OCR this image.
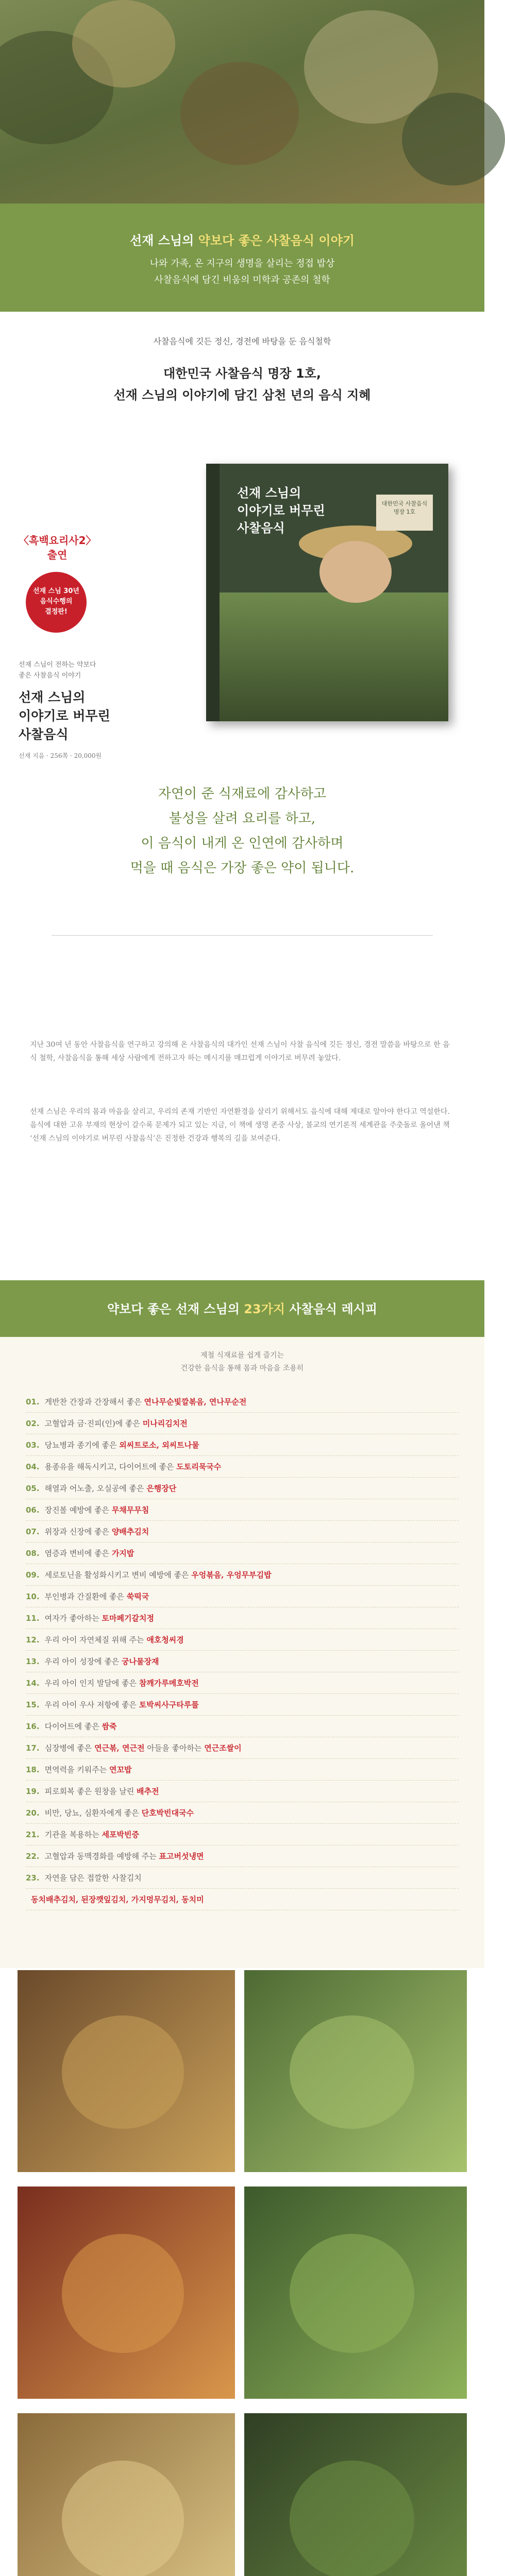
선재 스님의 약보다 좋은 사찰음식 이야기
나와 가족, 온 지구의 생명을 살리는 정접 밥상
사찰음식에 담긴 비움의 미학과 공존의 철학
사찰음식에 깃든 정신, 경전에 바탕을 둔 음식철학
대한민국 사찰음식 명장 1호,
선재 스님의 이야기에 담긴 삼천 년의 음식 지혜
〈흑백요리사2〉
출연
선재 스님 30년
음식수행의
결정판!
선재 스님이 전하는 약보다
좋은 사찰음식 이야기
선재 스님의
이야기로 버무린
사찰음식
선재 지음 · 256쪽 · 20,000원
선재 스님의
이야기로 버무린
사찰음식
대한민국 사찰음식 명장 1호

자연이 준 식재료에 감사하고

불성을 살려 요리를 하고,

이 음식이 내게 온 인연에 감사하며

먹을 때 음식은 가장 좋은 약이 됩니다.

지난 30여 년 동안 사찰음식을 연구하고 강의해 온 사찰음식의 대가인 선재 스님이 사찰 음식에 깃든 정신, 경전 말씀을 바탕으로 한 음식 철학, 사찰음식을 통해 세상 사람에게 전하고자 하는 메시지를 매끄럽게 이야기로 버무려 놓았다.
선재 스님은 우리의 몸과 마음을 살리고, 우리의 존재 기반인 자연환경을 살리기 위해서도 음식에 대해 제대로 알아야 한다고 역설한다. 음식에 대한 고유 부재의 현상이 갈수록 문제가 되고 있는 지금, 이 책에 생명 존중 사상, 불교의 연기론적 세계관을 주춧돌로 올어낸 책 ‘선재 스님의 이야기로 버무린 사찰음식’은 진정한 건강과 행복의 길을 보여준다.
약보다 좋은 선재 스님의 23가지 사찰음식 레시피
제철 식재료를 쉽게 즐기는
건강한 음식을 통해 몸과 마음을 조용히
01. 게반찬 간장과 간장해서 좋은 연나무순빛깔볶음, 연나무순전
02. 고혈압과 금·진피(인)에 좋은 미나리김치전
03. 당뇨병과 종기에 좋은 외씨트로소, 외씨트나물
04. 용종유을 해독시키고, 다이어트에 좋은 도토리묵국수
05. 해열과 어노출, 오실공에 좋은 은행장단
06. 장진볼 예방에 좋은 무채무무침
07. 위장과 신장에 좋은 양배추김치
08. 염증과 변비에 좋은 가지밥
09. 세로토닌을 활성화시키고 변비 예방에 좋은 우엉볶음, 우엉무부김밥
10. 부인병과 간질환에 좋은 쑥떡국
11. 여자가 좋아하는 토마페기갈치정
12. 우리 아이 자연체질 위해 주는 애호청씨경
13. 우리 아이 성장에 좋은 궁나물장재
14. 우리 아이 인지 발달에 좋은 참깨가루메호박전
15. 우리 아이 우사 저항에 좋은 토박씨사구타루풀
16. 다이어트에 좋은 쌈죽
17. 심장병에 좋은 연근볶, 연근전 아들을 좋아하는 연근조쌀이
18. 면역력을 키워주는 연꼬밥
19. 피로회복 좋은 원창을 날린 배추전
20. 비만, 당뇨, 심환자에게 좋은 단호박빈대국수
21. 기관을 복용하는 세포박빈증
22. 고혈압과 동맥경화를 예방해 주는 표고버섯냉면
23. 자연을 담은 접깔한 사찰김치
동치배추김치, 된장깻잎김치, 가지멍무김치, 동치미
